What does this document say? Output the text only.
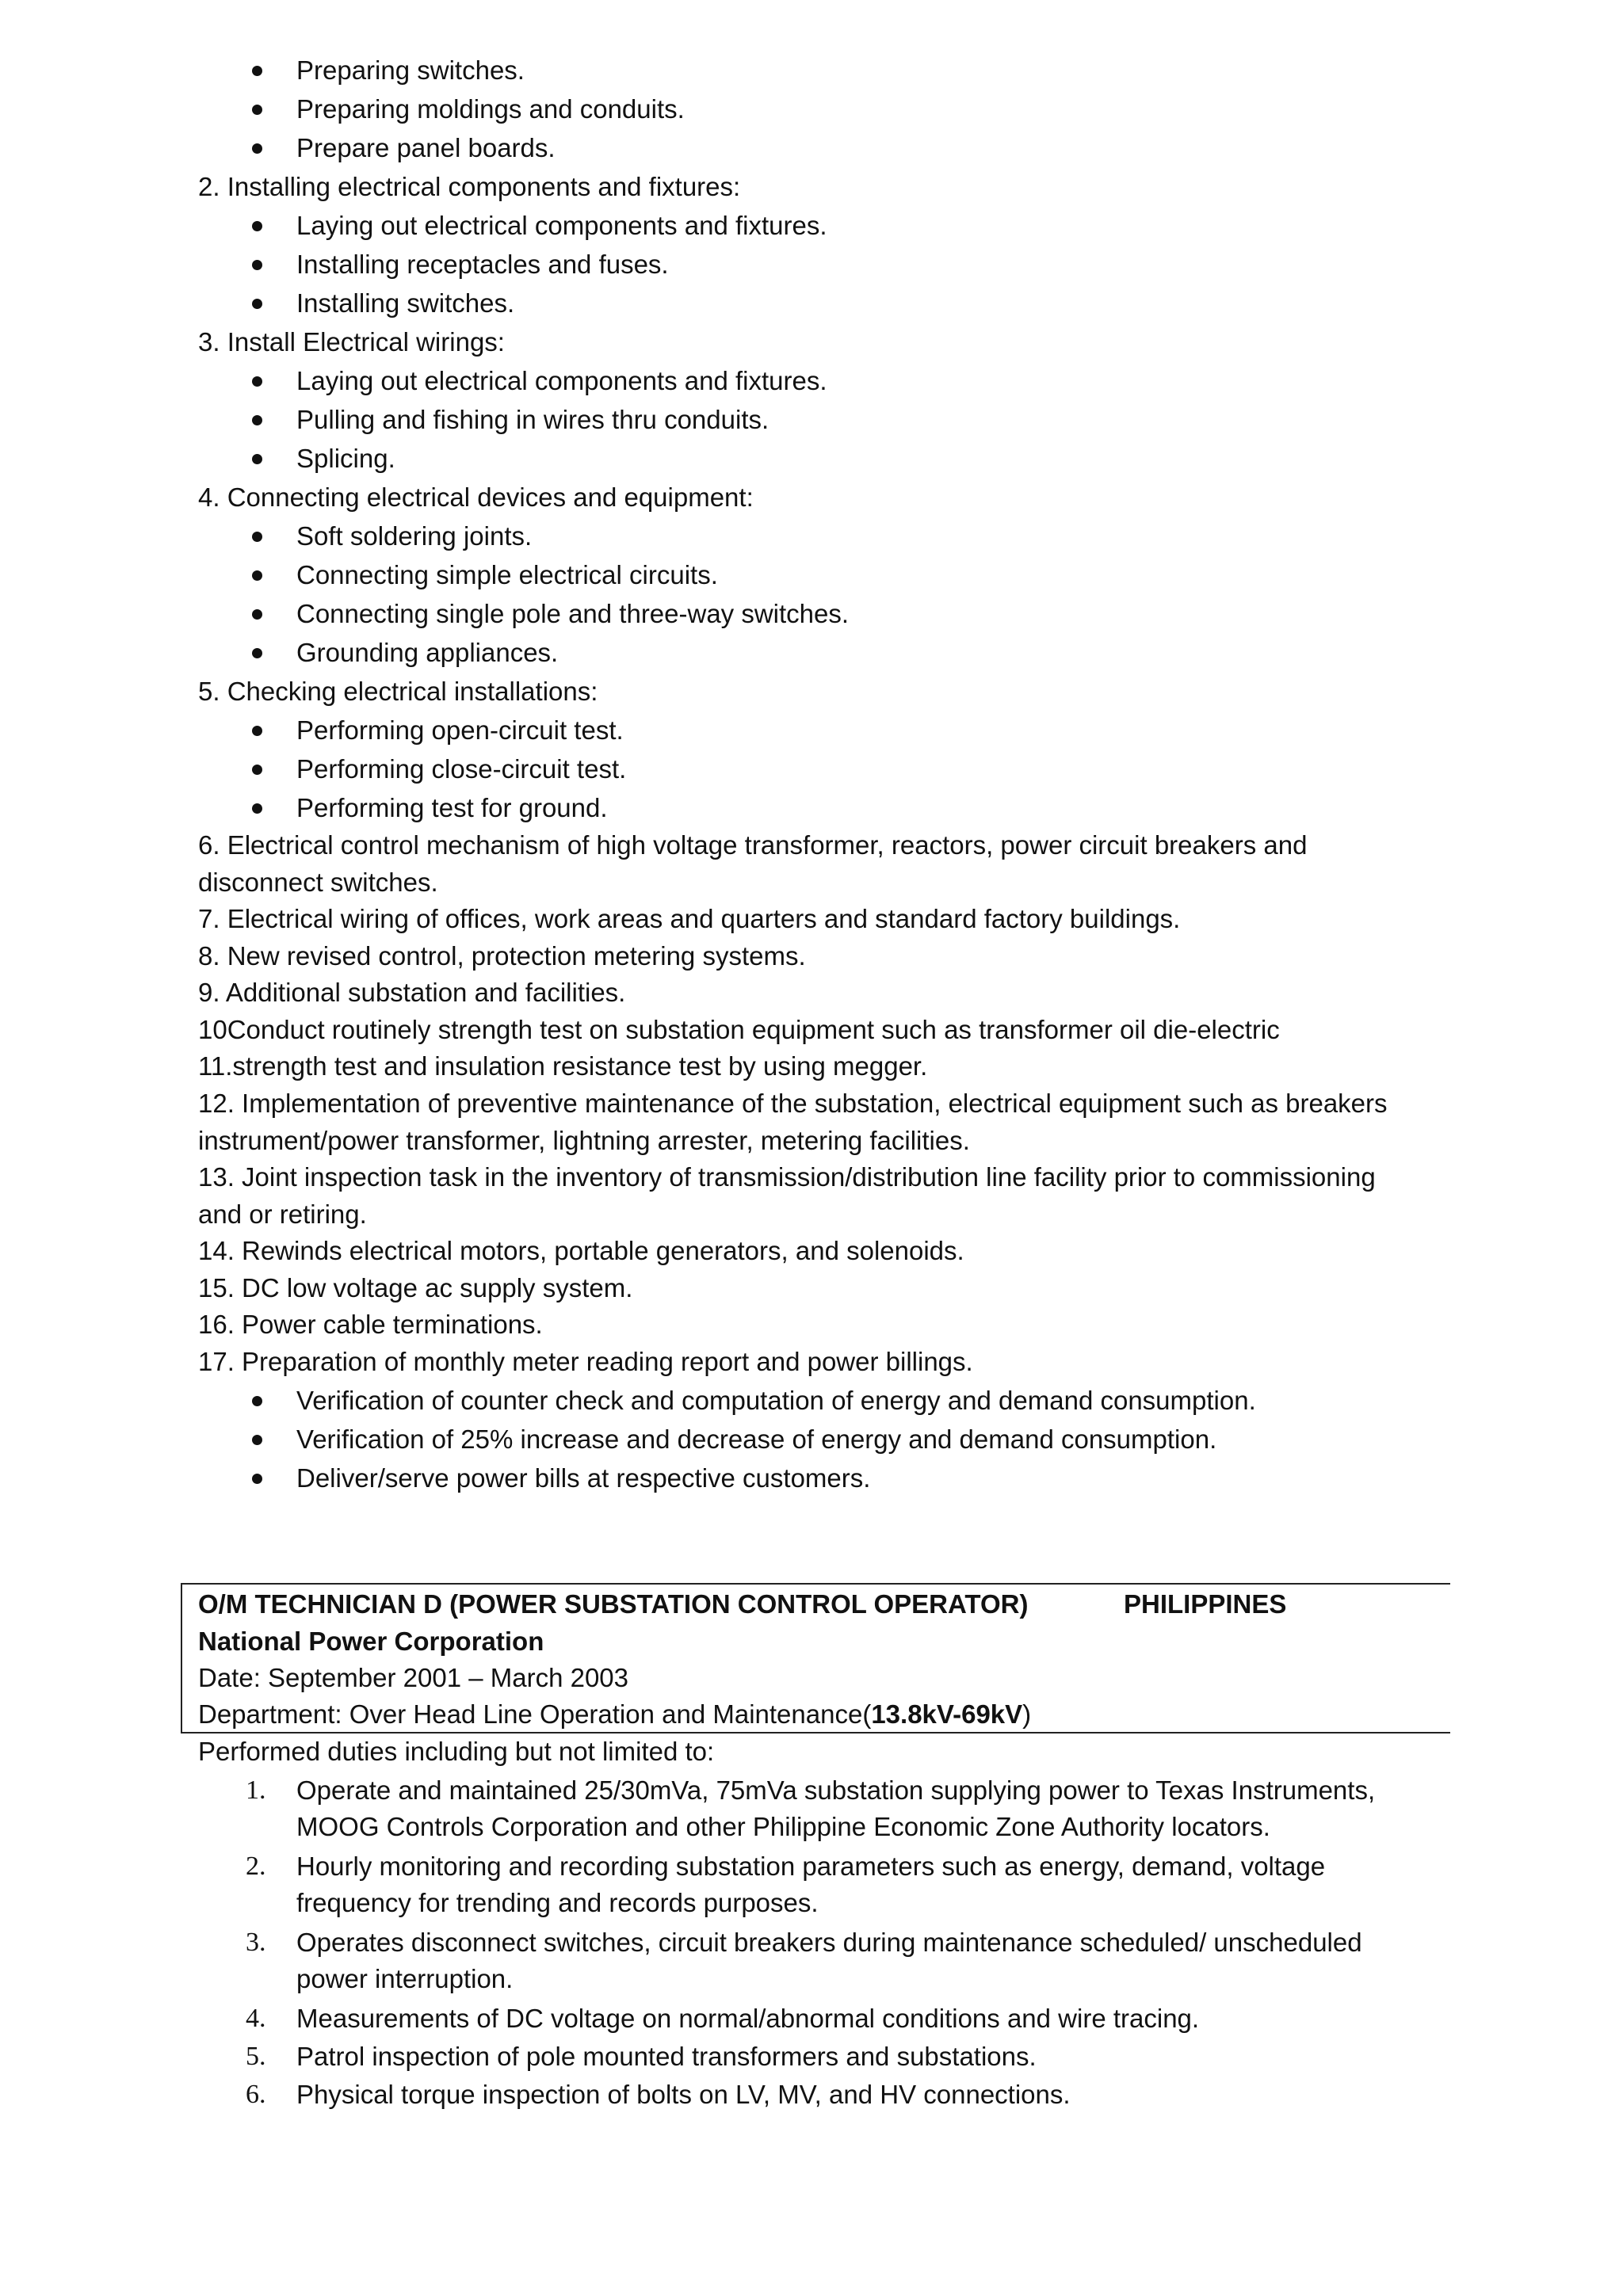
Preparing switches.
Preparing moldings and conduits.
Prepare panel boards.
2. Installing electrical components and fixtures:
Laying out electrical components and fixtures.
Installing receptacles and fuses.
Installing switches.
3. Install Electrical wirings:
Laying out electrical components and fixtures.
Pulling and fishing in wires thru conduits.
Splicing.
4. Connecting electrical devices and equipment:
Soft soldering joints.
Connecting simple electrical circuits.
Connecting single pole and three-way switches.
Grounding appliances.
5. Checking electrical installations:
Performing open-circuit test.
Performing close-circuit test.
Performing test for ground.
6. Electrical control mechanism of high voltage transformer, reactors, power circuit breakers and
disconnect switches.
7. Electrical wiring of offices, work areas and quarters and standard factory buildings.
8. New revised control, protection metering systems.
9. Additional substation and facilities.
10Conduct routinely strength test on substation equipment such as transformer oil die-electric
11.strength test and insulation resistance test by using megger.
12. Implementation of preventive maintenance of the substation, electrical equipment such as breakers
instrument/power transformer, lightning arrester, metering facilities.
13. Joint inspection task in the inventory of transmission/distribution line facility prior to commissioning
and or retiring.
14. Rewinds electrical motors, portable generators, and solenoids.
15. DC low voltage ac supply system.
16. Power cable terminations.
17. Preparation of monthly meter reading report and power billings.
Verification of counter check and computation of energy and demand consumption.
Verification of 25% increase and decrease of energy and demand consumption.
Deliver/serve power bills at respective customers.
O/M TECHNICIAN D (POWER SUBSTATION CONTROL OPERATOR)	PHILIPPINES
National Power Corporation
Date: September 2001 – March 2003
Department: Over Head Line Operation and Maintenance(13.8kV-69kV)
Performed duties including but not limited to:
1. Operate and maintained 25/30mVa, 75mVa substation supplying power to Texas Instruments,
MOOG Controls Corporation and other Philippine Economic Zone Authority locators.
2. Hourly monitoring and recording substation parameters such as energy, demand, voltage
frequency for trending and records purposes.
3. Operates disconnect switches, circuit breakers during maintenance scheduled/ unscheduled
power interruption.
4. Measurements of DC voltage on normal/abnormal conditions and wire tracing.
5. Patrol inspection of pole mounted transformers and substations.
6. Physical torque inspection of bolts on LV, MV, and HV connections.
